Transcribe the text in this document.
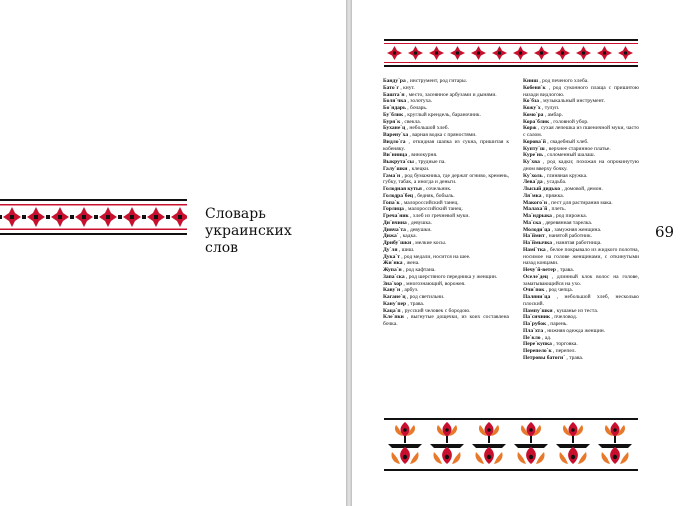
Словарь украинских слов

Банду`ра , инструмент, род гитары.

Бато`г , кнут.

Башта`н , место, засеянное арбузами и дынями.

Боля`чка , золотуха.

Бо`ндарь , бочарь.

Бу`блик , круглый крендель, бараночник.

Буря`к , свекла.

Бухане`ц , небольшой хлеб.

Варену`ха , варная водка с пряностями.

Видло`га , откидная шапка из сукна, пришитая к кобеняку.

Ви`нница , винокурня.

Выкрута`сы , трудные па.

Галу`шки , клецки.

Гама`н , род бумажника, где держат огниво, кремень, губку, табак, а иногда и деньги.

Голодная кутья , сочельник.

Голодра`бец , бедняк, бобыль.

Гопа`к , малороссийский танец.

Горлица , малороссийский танец.

Греча`ник , хлеб из гречневой муки.

Ди`вчина , девушка.

Дивча`та , девушки.

Дижа` , кадка.

Дрибу`шки , мелкие косы.

Ду`ля , шиш.

Дука`т , род медали, носится на шее.

Жи`нка , жена.

Жупа`н , род кафтана.

Запа`ска , род шерстяного передника у женщин.

Зна`хор , многознающий, ворожея.

Каву`н , арбуз.

Каганe`ц , род светильни.

Кану`пер , трава.

Кацa`п , русский человек с бородою.

Кле`пки , выгнутые дощечки, из коих составлена бочка.

Книш , род печеного хлеба.

Кобеня`к , род суконного плаща с пришитою назади видлогою.

Ко`бза , музыкальный инструмент.

Кожу`х , тулуп.

Комо`ра , амбар.

Кора`блик , головной убор.

Корж , сухая лепешка из пшеничной муки, часто с салом.

Корова`й , свадебный хлеб.

Купту`ш , верхнее старинное платье.

Куре`нь , соломенный шалаш.

Ку`хва , род кадки; похожая на опрокинутую дном вверху бочку.

Ку`холь , глиняная кружка.

Лева`да , усадьба.

Лысый дидько , домовой, демон.

Ля`мка , пряжка.

Макогo`н , пест для растирания мака.

Малахa`й , плеть.

Мa`ндрыка , род пирожка.

Мa`ска , деревянная тарелка.

Молоди`ца , замужняя женщина.

На`ймит , нанятой работник.

На`ймычка , нанятая работница.

Намi`тка , белое покрывало из жидкого полотна, носимое на голове женщинами, с откинутыми назад концами.

Нечу`й-ветер , трава.

Оселе`дец , длинный клок волос на голове, заматывающийся на ухо.

Очи`пок , род чепца.

Паляни`ца , небольшой хлеб, несколько плоский.

Пампу`шки , кушанье из теста.

Па`сичник , пчеловод.

Па`рубок , парень.

Пла`хта , нижняя одежда женщин.

Пе`кло , ад.

Пере`купка , торговка.

Перепело`к , перепел.

Петровы батоги` , трава.

69
